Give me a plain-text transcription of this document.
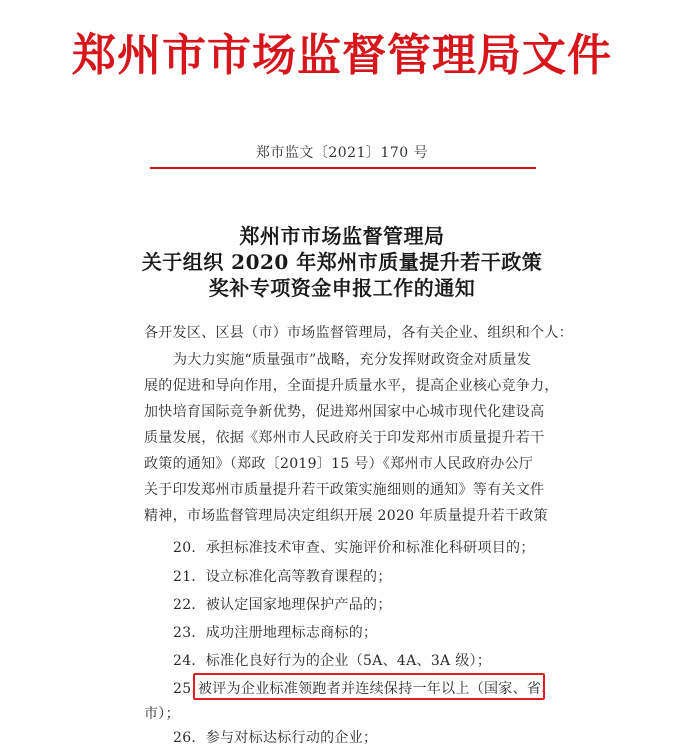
郑州市市场监督管理局文件
郑市监文〔2021〕170 号
郑州市市场监督管理局
关于组织 2020 年郑州市质量提升若干政策
奖补专项资金申报工作的通知
各开发区、区县（市）市场监督管理局，各有关企业、组织和个人：
为大力实施“质量强市”战略，充分发挥财政资金对质量发
展的促进和导向作用，全面提升质量水平，提高企业核心竞争力，
加快培育国际竞争新优势，促进郑州国家中心城市现代化建设高
质量发展，依据《郑州市人民政府关于印发郑州市质量提升若干
政策的通知》（郑政〔2019〕15 号）《郑州市人民政府办公厅
关于印发郑州市质量提升若干政策实施细则的通知》等有关文件
精神，市场监督管理局决定组织开展 2020 年质量提升若干政策
20．承担标准技术审查、实施评价和标准化科研项目的；
21．设立标准化高等教育课程的；
22．被认定国家地理保护产品的；
23．成功注册地理标志商标的；
24．标准化良好行为的企业（5A、4A、3A 级）；
25．
被评为企业标准领跑者并连续保持一年以上（国家、省、
市）；
26．参与对标达标行动的企业；
